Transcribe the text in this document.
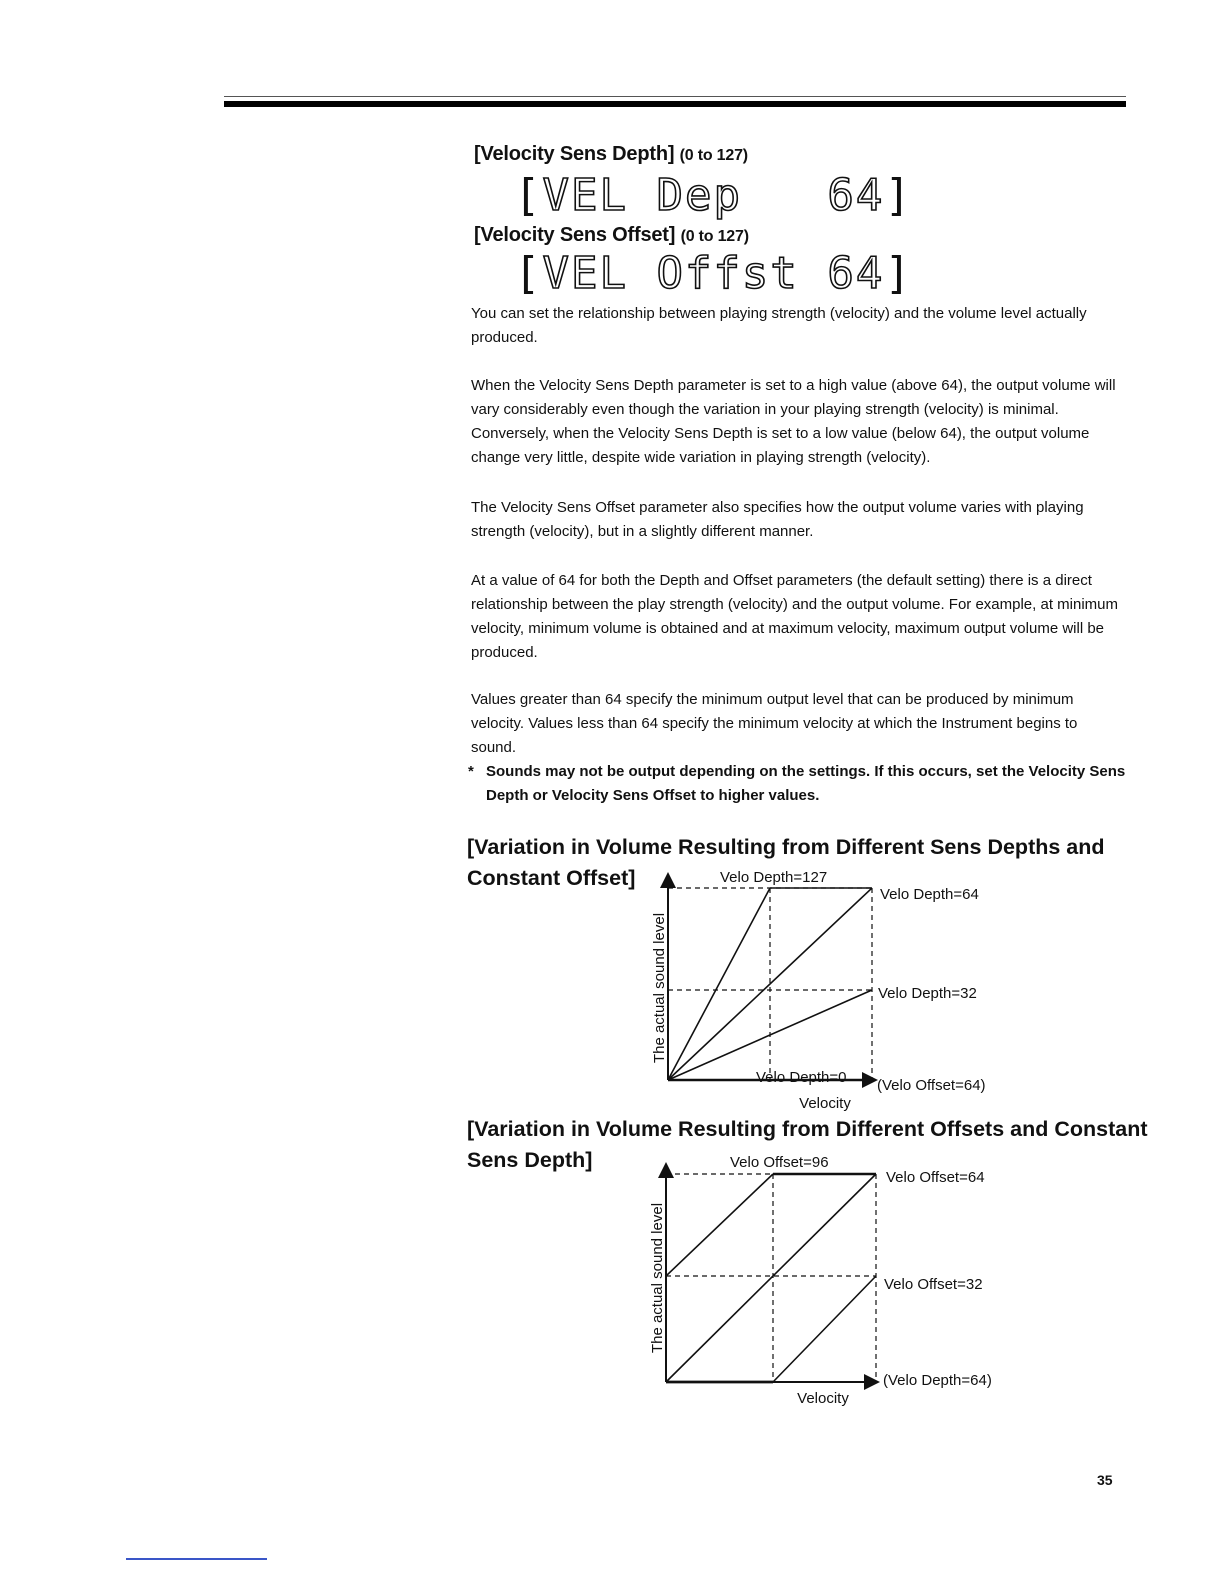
[Velocity Sens Depth] (0 to 127)
[VEL Dep 64]
[Velocity Sens Offset] (0 to 127)
[VEL Offst 64]

You can set the relationship between playing strength (velocity) and the volume level actually produced.

When the Velocity Sens Depth parameter is set to a high value (above 64), the output volume will vary considerably even though the variation in your playing strength (velocity) is minimal. Conversely, when the Velocity Sens Depth is set to a low value (below 64), the output volume change very little, despite wide variation in playing strength (velocity).

The Velocity Sens Offset parameter also specifies how the output volume varies with playing strength (velocity), but in a slightly different manner.

At a value of 64 for both the Depth and Offset parameters (the default setting) there is a direct relationship between the play strength (velocity) and the output volume. For example, at minimum velocity, minimum volume is obtained and at maximum velocity, maximum output volume will be produced.

Values greater than 64 specify the minimum output level that can be produced by minimum velocity. Values less than 64 specify the minimum velocity at which the Instrument begins to sound.

* Sounds may not be output depending on the settings. If this occurs, set the Velocity Sens Depth or Velocity Sens Offset to higher values.
[Variation in Volume Resulting from Different Sens Depths and
Constant Offset]
[Variation in Volume Resulting from Different Offsets and Constant
Sens Depth]
The actual sound level
Velocity
Velo Depth=127
Velo Depth=64
Velo Depth=32
Velo Depth=0 (Velo Offset=64)
The actual sound level
Velocity
Velo Offset=96
Velo Offset=64
Velo Offset=32
(Velo Depth=64)
35
